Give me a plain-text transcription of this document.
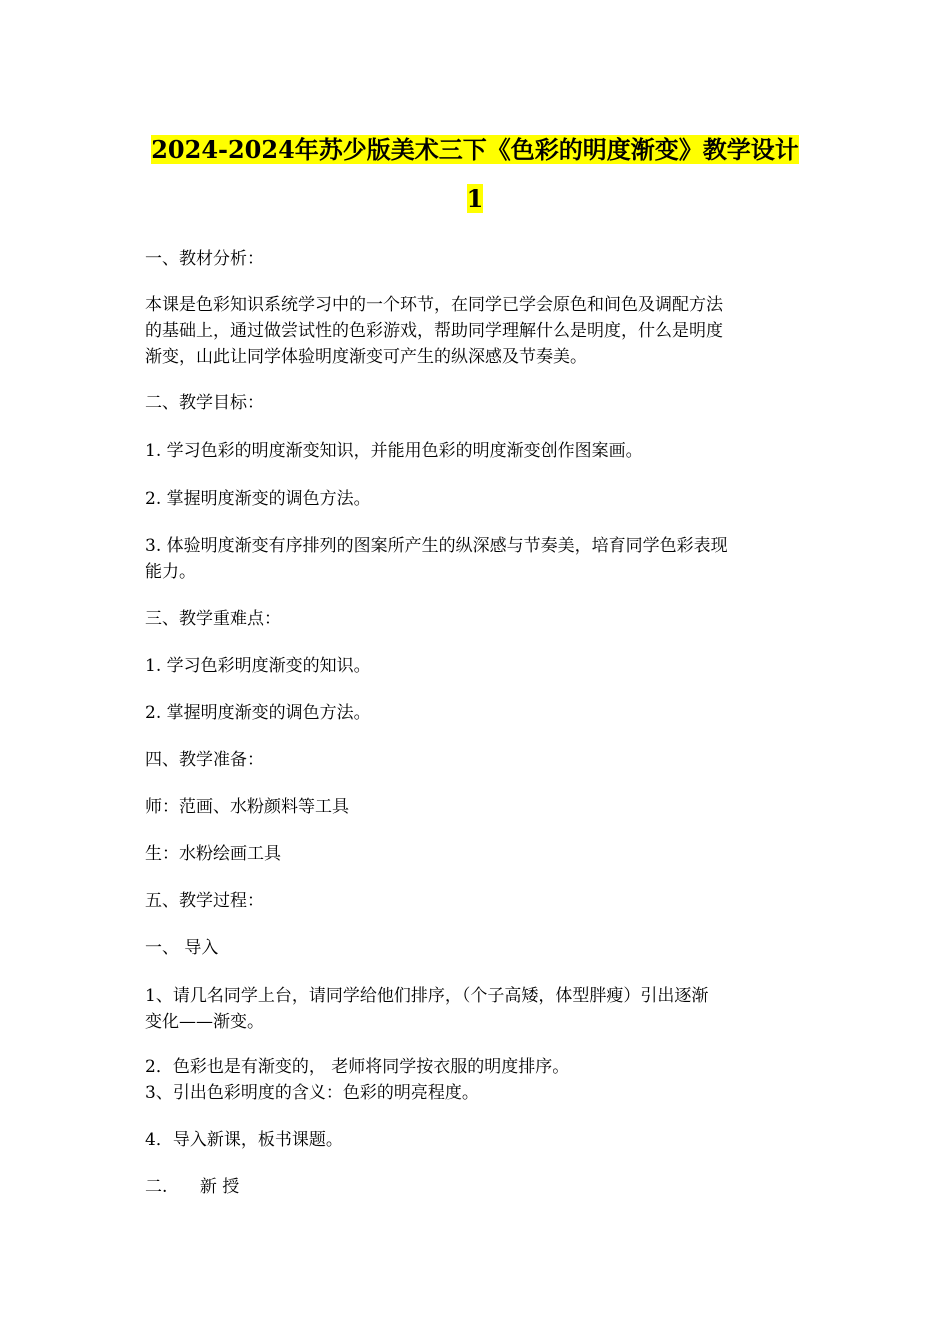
2024-2024年苏少版美术三下《色彩的明度渐变》教学设计
1
一、教材分析：
本课是色彩知识系统学习中的一个环节，在同学已学会原色和间色及调配方法
的基础上，通过做尝试性的色彩游戏，帮助同学理解什么是明度，什么是明度
渐变，山此让同学体验明度渐变可产生的纵深感及节奏美。
二、教学目标：
1. 学习色彩的明度渐变知识，并能用色彩的明度渐变创作图案画。
2. 掌握明度渐变的调色方法。
3. 体验明度渐变有序排列的图案所产生的纵深感与节奏美，培育同学色彩表现
能力。
三、教学重难点：
1. 学习色彩明度渐变的知识。
2. 掌握明度渐变的调色方法。
四、教学准备：
师：范画、水粉颜料等工具
生：水粉绘画工具
五、教学过程：
一、 导入
1、请几名同学上台，请同学给他们排序，（个子高矮，体型胖瘦）引出逐渐
变化——渐变。
2．色彩也是有渐变的， 老师将同学按衣服的明度排序。
3、引出色彩明度的含义：色彩的明亮程度。
4．导入新课，板书课题。
二.      新 授
